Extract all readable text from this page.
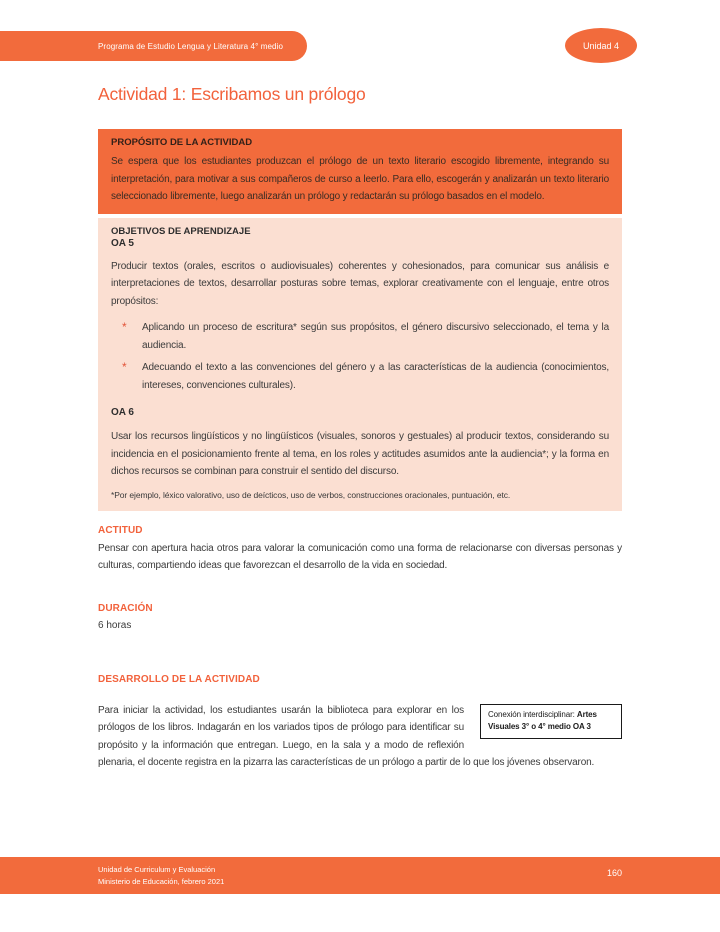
Programa de Estudio Lengua y Literatura 4° medio	Unidad 4
Actividad 1: Escribamos un prólogo
PROPÓSITO DE LA ACTIVIDAD

Se espera que los estudiantes produzcan el prólogo de un texto literario escogido libremente, integrando su interpretación, para motivar a sus compañeros de curso a leerlo. Para ello, escogerán y analizarán un texto literario seleccionado libremente, luego analizarán un prólogo y redactarán su prólogo basados en el modelo.

OBJETIVOS DE APRENDIZAJE
OA 5

Producir textos (orales, escritos o audiovisuales) coherentes y cohesionados, para comunicar sus análisis e interpretaciones de textos, desarrollar posturas sobre temas, explorar creativamente con el lenguaje, entre otros propósitos:

*	Aplicando un proceso de escritura* según sus propósitos, el género discursivo seleccionado, el tema y la audiencia.
*	Adecuando el texto a las convenciones del género y a las características de la audiencia (conocimientos, intereses, convenciones culturales).
OA 6

Usar los recursos lingüísticos y no lingüísticos (visuales, sonoros y gestuales) al producir textos, considerando su incidencia en el posicionamiento frente al tema, en los roles y actitudes asumidos ante la audiencia*; y la forma en dichos recursos se combinan para construir el sentido del discurso.

*Por ejemplo, léxico valorativo, uso de deícticos, uso de verbos, construcciones oracionales, puntuación, etc.
ACTITUD

Pensar con apertura hacia otros para valorar la comunicación como una forma de relacionarse con diversas personas y culturas, compartiendo ideas que favorezcan el desarrollo de la vida en sociedad.

DURACIÓN

6 horas

DESARROLLO DE LA ACTIVIDAD
Conexión interdisciplinar: Artes
Visuales 3° o 4° medio OA 3
Para iniciar la actividad, los estudiantes usarán la biblioteca para explorar en los prólogos de los libros. Indagarán en los variados tipos de prólogo para identificar su propósito y la información que entregan. Luego, en la sala y a modo de reflexión plenaria, el docente registra en la pizarra las características de un prólogo a partir de lo que los jóvenes observaron.
Unidad de Curriculum y Evaluación
Ministerio de Educación, febrero 2021
160
